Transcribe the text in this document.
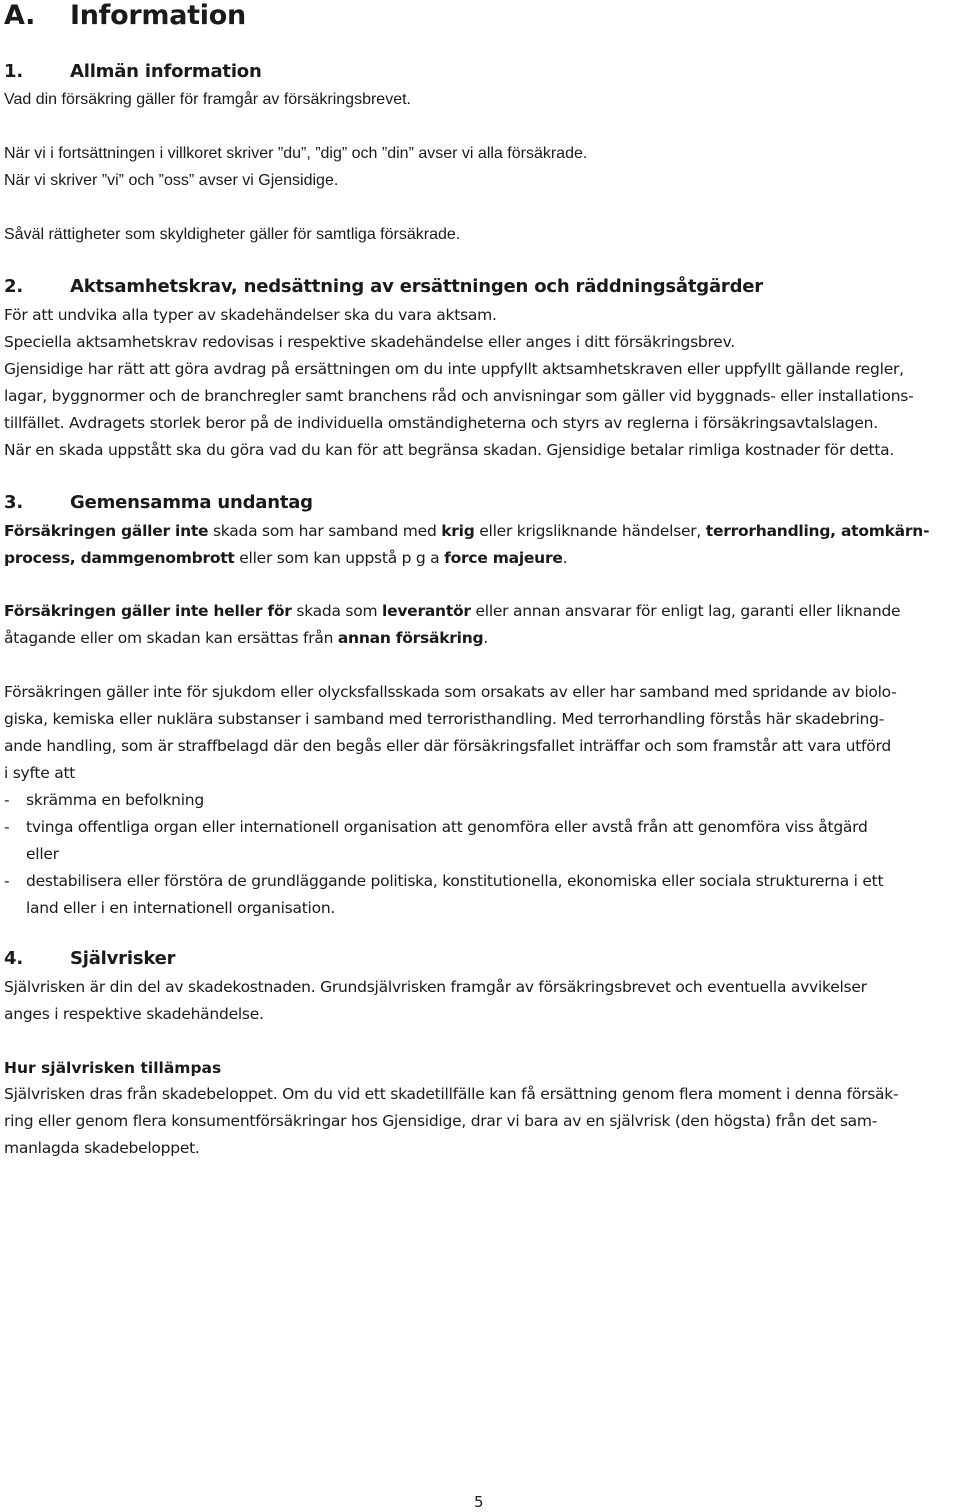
A. Information
1.	Allmän information

Vad din försäkring gäller för framgår av försäkringsbrevet.

När vi i fortsättningen i villkoret skriver ”du”, ”dig” och ”din” avser vi alla försäkrade.

När vi skriver ”vi” och ”oss” avser vi Gjensidige.

Såväl rättigheter som skyldigheter gäller för samtliga försäkrade.

2.	Aktsamhetskrav, nedsättning av ersättningen och räddningsåtgärder

För att undvika alla typer av skadehändelser ska du vara aktsam.

Speciella aktsamhetskrav redovisas i respektive skadehändelse eller anges i ditt försäkringsbrev.

Gjensidige har rätt att göra avdrag på ersättningen om du inte uppfyllt aktsamhetskraven eller uppfyllt gällande regler,

lagar, byggnormer och de branchregler samt branchens råd och anvisningar som gäller vid byggnads- eller installations-

tillfället. Avdragets storlek beror på de individuella omständigheterna och styrs av reglerna i försäkringsavtalslagen.

När en skada uppstått ska du göra vad du kan för att begränsa skadan. Gjensidige betalar rimliga kostnader för detta.

3.	Gemensamma undantag

Försäkringen gäller inte skada som har samband med krig eller krigsliknande händelser, terrorhandling, atomkärn-

process, dammgenombrott eller som kan uppstå p g a force majeure.

Försäkringen gäller inte heller för skada som leverantör eller annan ansvarar för enligt lag, garanti eller liknande

åtagande eller om skadan kan ersättas från annan försäkring.

Försäkringen gäller inte för sjukdom eller olycksfallsskada som orsakats av eller har samband med spridande av biolo-

giska, kemiska eller nuklära substanser i samband med terroristhandling. Med terrorhandling förstås här skadebring-

ande handling, som är straffbelagd där den begås eller där försäkringsfallet inträffar och som framstår att vara utförd

i syfte att

- skrämma en befolkning
- tvinga offentliga organ eller internationell organisation att genomföra eller avstå från att genomföra viss åtgärd
eller
- destabilisera eller förstöra de grundläggande politiska, konstitutionella, ekonomiska eller sociala strukturerna i ett
land eller i en internationell organisation.
4.	Självrisker

Självrisken är din del av skadekostnaden. Grundsjälvrisken framgår av försäkringsbrevet och eventuella avvikelser

anges i respektive skadehändelse.

Hur självrisken tillämpas

Självrisken dras från skadebeloppet. Om du vid ett skadetillfälle kan få ersättning genom flera moment i denna försäk-

ring eller genom flera konsumentförsäkringar hos Gjensidige, drar vi bara av en självrisk (den högsta) från det sam-

manlagda skadebeloppet.

5
